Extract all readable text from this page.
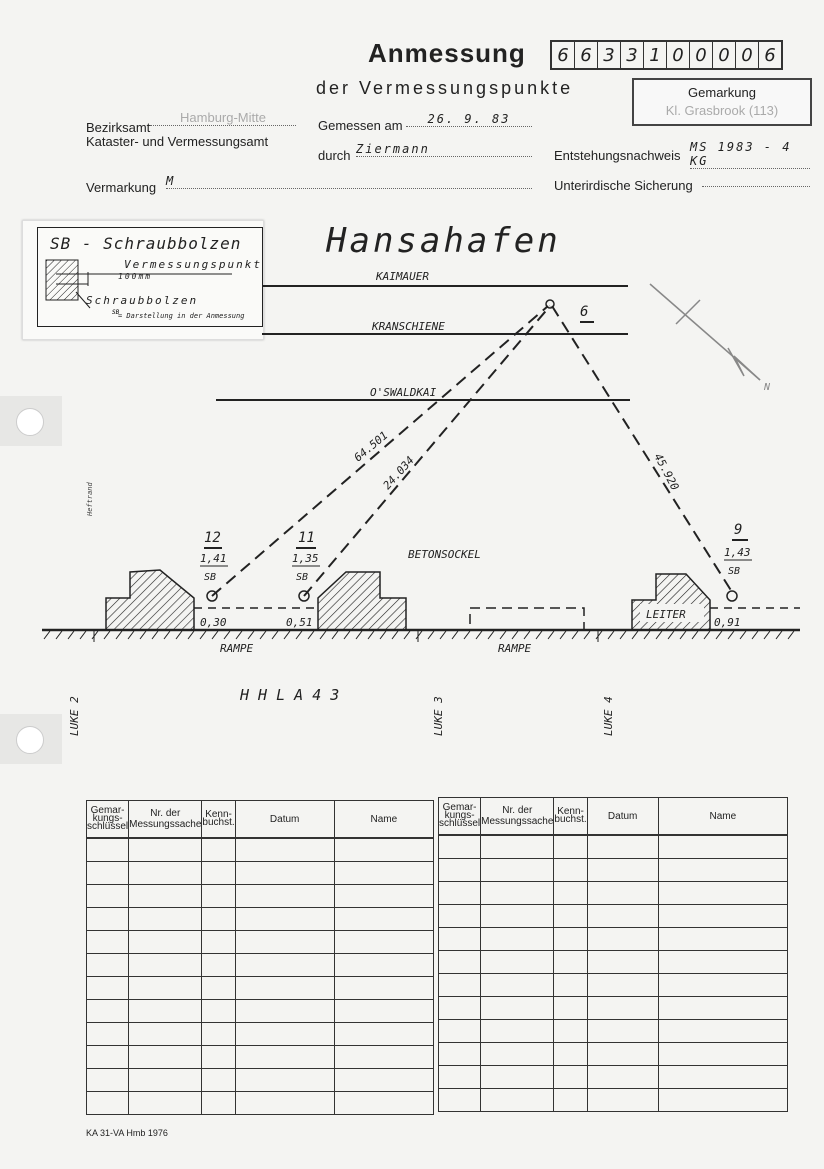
Anmessung
der Vermessungspunkte
6 6 3 3 1 0 0 0 0 6
Gemarkung
Kl. Grasbrook (113)
Bezirksamt
Hamburg-Mitte
Kataster- und Vermessungsamt
Gemessen am	26. 9. 83
durch Ziermann	Entstehungsnachweis
MS 1983 - 4 KG
Vermarkung M	Unterirdische Sicherung
SB - Schraubbolzen
Vermessungspunkt
100mm
Schraubbolzen
= Darstellung in der Anmessung
SB
Hansahafen
KAIMAUER
KRANSCHIENE
O'SWALDKAI
6
N
64.501
24.034	45.920
BETONSOCKEL
12
1,41
SB
0,30
11
1,35
SB
0,51
9
1,43
SB
0,91
LEITER
RAMPE	RAMPE
H H L A 4 3
LUKE 2	LUKE 3	LUKE 4
Heftrand
Gemar-kungs-schlüssel	Nr. der Messungssache	Kenn-buchst.	Datum	Name

Gemar-kungs-schlüssel	Nr. der Messungssache	Kenn-buchst.	Datum	Name

KA 31-VA Hmb 1976
